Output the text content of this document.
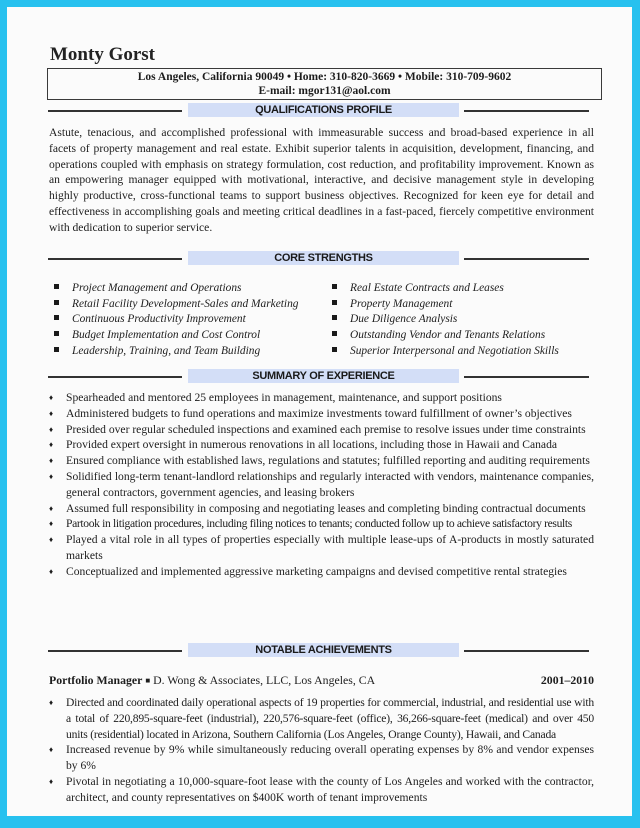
Monty Gorst
Los Angeles, California 90049 • Home: 310-820-3669 • Mobile: 310-709-9602
E-mail: mgor131@aol.com
QUALIFICATIONS PROFILE
Astute, tenacious, and accomplished professional with immeasurable success and broad-based experience in all facets of property management and real estate. Exhibit superior talents in acquisition, development, financing, and operations coupled with emphasis on strategy formulation, cost reduction, and profitability improvement. Known as an empowering manager equipped with motivational, interactive, and decisive management style in developing highly productive, cross-functional teams to support business objectives. Recognized for keen eye for detail and effectiveness in accomplishing goals and meeting critical deadlines in a fast-paced, fiercely competitive environment with dedication to superior service.
CORE STRENGTHS
Project Management and Operations
Retail Facility Development-Sales and Marketing
Continuous Productivity Improvement
Budget Implementation and Cost Control
Leadership, Training, and Team Building
Real Estate Contracts and Leases
Property Management
Due Diligence Analysis
Outstanding Vendor and Tenants Relations
Superior Interpersonal and Negotiation Skills
SUMMARY OF EXPERIENCE
♦ Spearheaded and mentored 25 employees in management, maintenance, and support positions
♦ Administered budgets to fund operations and maximize investments toward fulfillment of owner’s objectives
♦ Presided over regular scheduled inspections and examined each premise to resolve issues under time constraints
♦ Provided expert oversight in numerous renovations in all locations, including those in Hawaii and Canada
♦ Ensured compliance with established laws, regulations and statutes; fulfilled reporting and auditing requirements
♦ Solidified long-term tenant-landlord relationships and regularly interacted with vendors, maintenance companies, general contractors, government agencies, and leasing brokers
♦ Assumed full responsibility in composing and negotiating leases and completing binding contractual documents
♦ Partook in litigation procedures, including filing notices to tenants; conducted follow up to achieve satisfactory results
♦ Played a vital role in all types of properties especially with multiple lease-ups of A-products in mostly saturated markets
♦ Conceptualized and implemented aggressive marketing campaigns and devised competitive rental strategies
NOTABLE ACHIEVEMENTS
Portfolio Manager ■ D. Wong & Associates, LLC, Los Angeles, CA	2001–2010
♦ Directed and coordinated daily operational aspects of 19 properties for commercial, industrial, and residential use with a total of 220,895-square-feet (industrial), 220,576-square-feet (office), 36,266-square-feet (medical) and over 450 units (residential) located in Arizona, Southern California (Los Angeles, Orange County), Hawaii, and Canada
♦ Increased revenue by 9% while simultaneously reducing overall operating expenses by 8% and vendor expenses by 6%
♦ Pivotal in negotiating a 10,000-square-foot lease with the county of Los Angeles and worked with the contractor, architect, and county representatives on $400K worth of tenant improvements
